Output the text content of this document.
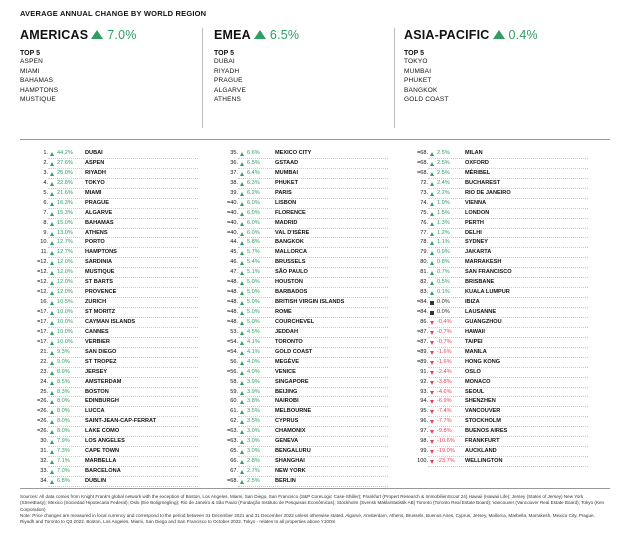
AVERAGE ANNUAL CHANGE BY WORLD REGION
AMERICAS 7.0%
TOP 5
ASPEN
MIAMI
BAHAMAS
HAMPTONS
MUSTIQUE
EMEA 6.5%
TOP 5
DUBAI
RIYADH
PRAGUE
ALGARVE
ATHENS
ASIA-PACIFIC 0.4%
TOP 5
TOKYO
MUMBAI
PHUKET
BANGKOK
GOLD COAST
1. 44.2% DUBAI
2. 27.6% ASPEN
3. 25.0% RIYADH
4. 22.8% TOKYO
5. 21.6% MIAMI
6. 16.3% PRAGUE
7. 15.3% ALGARVE
8. 15.0% BAHAMAS
9. 13.0% ATHENS
10. 12.7% PORTO
11. 12.7% HAMPTONS
=12. 12.0% SARDINIA
=12. 12.0% MUSTIQUE
=12. 12.0% ST BARTS
=12. 12.0% PROVENCE
16. 10.5% ZURICH
=17. 10.0% ST MORITZ
=17. 10.0% CAYMAN ISLANDS
=17. 10.0% CANNES
=17. 10.0% VERBIER
21. 9.3%	SAN DIEGO
22. 9.0%	ST TROPEZ
23. 8.9%	JERSEY
24. 8.5%	AMSTERDAM
25. 8.3%	BOSTON
=26. 8.0%	EDINBURGH
=26. 8.0%	LUCCA
=26. 8.0%	SAINT-JEAN-CAP-FERRAT
=26. 8.0%	LAKE COMO
30. 7.9%	LOS ANGELES
31. 7.3%	CAPE TOWN
32. 7.1%	MARBELLA
33. 7.0%	BARCELONA
34. 6.8%	DUBLIN
35. 6.6%	MEXICO CITY
36. 6.5%	GSTAAD
37. 6.4%	MUMBAI
38. 6.3%	PHUKET
39. 6.2%	PARIS
=40. 6.0%	LISBON
=40. 6.0%	FLORENCE
=40. 6.0%	MADRID
=40. 6.0%	VAL D'ISÈRE
44. 5.8%	BANGKOK
45. 5.7%	MALLORCA
46. 5.4%	BRUSSELS
47. 5.1%	SÃO PAULO
=48. 5.0%	HOUSTON
=48. 5.0%	BARBADOS
=48. 5.0%	BRITISH VIRGIN ISLANDS
=48. 5.0%	ROME
=48. 5.0%	COURCHEVEL
53. 4.5%	JEDDAH
=54. 4.1%	TORONTO
=54. 4.1%	GOLD COAST
56. 4.0%	MEGÈVE
=56. 4.0%	VENICE
58. 3.9%	SINGAPORE
59. 3.9%	BEIJING
60. 3.8%	NAIROBI
61. 3.5%	MELBOURNE
62. 3.5%	CYPRUS
=63. 3.0%	CHAMONIX
=63. 3.0%	GENEVA
65. 3.0%	BENGALURU
66. 2.8%	SHANGHAI
67. 2.7%	NEW YORK
=68. 2.5%	BERLIN
=68. 2.5%	MILAN
=68. 2.5%	OXFORD
=68. 2.5%	MÉRIBEL
72. 2.4%	BUCHAREST
73. 2.2%	RIO DE JANEIRO
74. 1.9%	VIENNA
75. 1.5%	LONDON
76. 1.3%	PERTH
77. 1.2%	DELHI
78. 1.1%	SYDNEY
79. 0.9%	JAKARTA
80. 0.8%	MARRAKESH
81. 0.7%	SAN FRANCISCO
82. 0.5%	BRISBANE
83. 0.1%	KUALA LUMPUR
=84. 0.0%	IBIZA
=84. 0.0%	LAUSANNE
86. -0.4% GUANGZHOU
=87. -0.7% HAWAII
=87. -0.7% TAIPEI
=89. -1.6% MANILA
=89. -1.6% HONG KONG
91. -2.4% OSLO
92. -3.8% MONACO
93. -4.6% SEOUL
94. -6.9% SHENZHEN
95. -7.4% VANCOUVER
96. -7.7% STOCKHOLM
97. -9.8% BUENOS AIRES
98. -10.6% FRANKFURT
99. -19.0% AUCKLAND
100. -23.7% WELLINGTON
Sources: All data comes from Knight Frank's global network with the exception of Boston, Los Angeles, Miami, San Diego, San Francisco (S&P CoreLogic Case-Shiller); Frankfurt (Propert Research & ImmobilienScout 24) Hawaii (Hawaii Life); Jersey (States of Jersey) New York (StreetEasy); Mexico (Sociedad Hipotecaria Federal); Oslo (Eie Boligmegling); Rio de Janeiro & São Paulo (Fundação Instituto de Pesquisas Econômicas); Stockholm (Svensk Mäklarstatistik AB) Toronto (Toronto Real Estate Board); Vancouver (Vancouver Real Estate Board); Tokyo (Ken Corporation)
Note: Price changes are measured in local currency and correspond to the period between 31 December 2021 and 31 December 2022 unless otherwise stated. Algarve, Amsterdam, Athens, Brussels, Buenos Aires, Cyprus, Jersey, Mallorca, Marbella, Marrakesh, Mexico City, Prague, Riyadh and Toronto to Q3 2022. Boston, Los Angeles, Miami, San Diego and San Francisco to October 2022. Tokyo - relates to all properties above Y100m
